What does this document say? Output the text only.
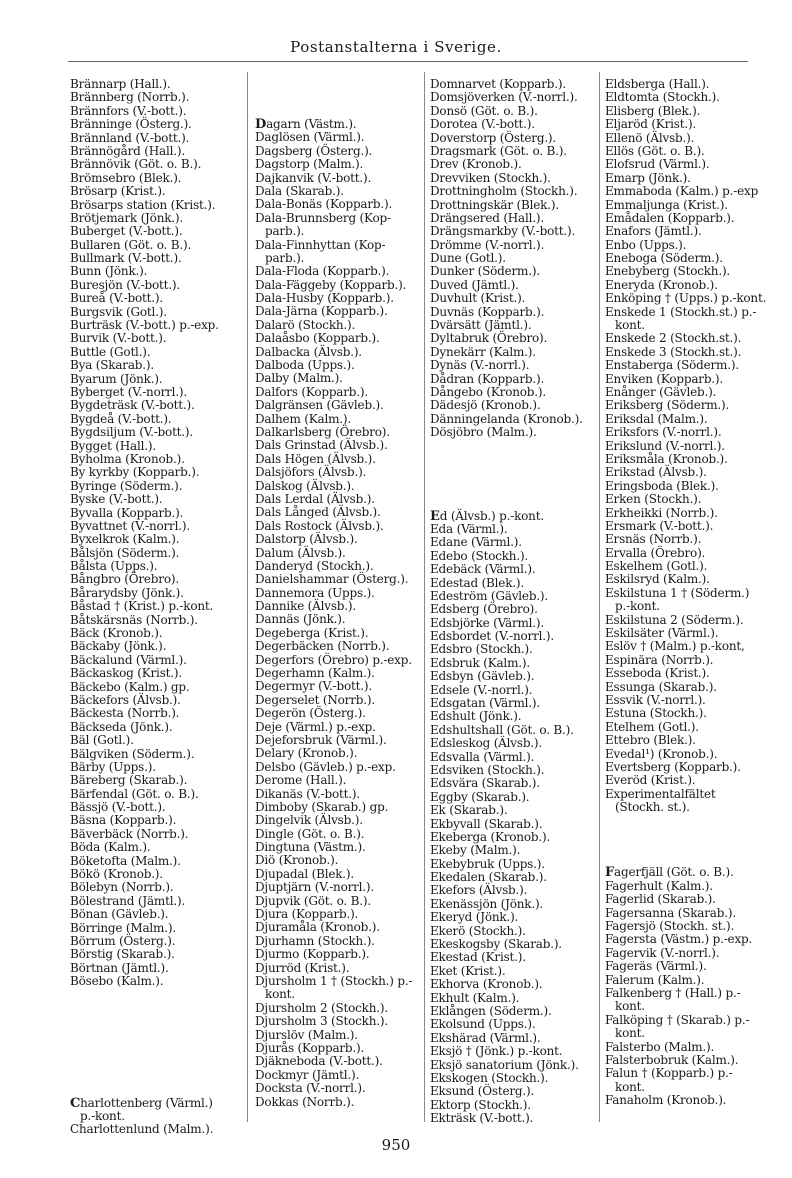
Postanstalterna i Sverige.
Brännarp (Hall.).
Brännberg (Norrb.).
Brännfors (V.-bott.).
Bränninge (Österg.).
Brännland (V.-bott.).
Brännögård (Hall.).
Brännövik (Göt. o. B.).
Brömsebro (Blek.).
Brösarp (Krist.).
Brösarps station (Krist.).
Brötjemark (Jönk.).
Buberget (V.-bott.).
Bullaren (Göt. o. B.).
Bullmark (V.-bott.).
Bunn (Jönk.).
Buresjön (V.-bott.).
Bureå (V.-bott.).
Burgsvik (Gotl.).
Burträsk (V.-bott.) p.-exp.
Burvik (V.-bott.).
Buttle (Gotl.).
Bya (Skarab.).
Byarum (Jönk.).
Byberget (V.-norrl.).
Bygdeträsk (V.-bott.).
Bygdeå (V.-bott.).
Bygdsiljum (V.-bott.).
Bygget (Hall.).
Byholma (Kronob.).
By kyrkby (Kopparb.).
Byringe (Söderm.).
Byske (V.-bott.).
Byvalla (Kopparb.).
Byvattnet (V.-norrl.).
Byxelkrok (Kalm.).
Bålsjön (Söderm.).
Bålsta (Upps.).
Bångbro (Örebro).
Bårarydsby (Jönk.).
Båstad † (Krist.) p.-kont.
Båtskärsnäs (Norrb.).
Bäck (Kronob.).
Bäckaby (Jönk.).
Bäckalund (Värml.).
Bäckaskog (Krist.).
Bäckebo (Kalm.) gp.
Bäckefors (Älvsb.).
Bäckesta (Norrb.).
Bäckseda (Jönk.).
Bäl (Gotl.).
Bälgviken (Söderm.).
Bärby (Upps.).
Bäreberg (Skarab.).
Bärfendal (Göt. o. B.).
Bässjö (V.-bott.).
Bäsna (Kopparb.).
Bäverbäck (Norrb.).
Böda (Kalm.).
Böketofta (Malm.).
Bökö (Kronob.).
Bölebyn (Norrb.).
Bölestrand (Jämtl.).
Bönan (Gävleb.).
Börringe (Malm.).
Börrum (Österg.).
Börstig (Skarab.).
Börtnan (Jämtl.).
Bösebo (Kalm.).
Charlottenberg (Värml.)
p.-kont.
Charlottenlund (Malm.).
Dagarn (Västm.).
Daglösen (Värml.).
Dagsberg (Österg.).
Dagstorp (Malm.).
Dajkanvik (V.-bott.).
Dala (Skarab.).
Dala-Bonäs (Kopparb.).
Dala-Brunnsberg (Kop-
parb.).
Dala-Finnhyttan (Kop-
parb.).
Dala-Floda (Kopparb.).
Dala-Fäggeby (Kopparb.).
Dala-Husby (Kopparb.).
Dala-Järna (Kopparb.).
Dalarö (Stockh.).
Dalaåsbo (Kopparb.).
Dalbacka (Älvsb.).
Dalboda (Upps.).
Dalby (Malm.).
Dalfors (Kopparb.).
Dalgränsen (Gävleb.).
Dalhem (Kalm.).
Dalkarlsberg (Örebro).
Dals Grinstad (Älvsb.).
Dals Högen (Älvsb.).
Dalsjöfors (Älvsb.).
Dalskog (Älvsb.).
Dals Lerdal (Älvsb.).
Dals Långed (Älvsb.).
Dals Rostock (Älvsb.).
Dalstorp (Älvsb.).
Dalum (Älvsb.).
Danderyd (Stockh.).
Danielshammar (Österg.).
Dannemora (Upps.).
Dannike (Älvsb.).
Dannäs (Jönk.).
Degeberga (Krist.).
Degerbäcken (Norrb.).
Degerfors (Örebro) p.-exp.
Degerhamn (Kalm.).
Degermyr (V.-bott.).
Degerselet (Norrb.).
Degerön (Österg.).
Deje (Värml.) p.-exp.
Dejeforsbruk (Värml.).
Delary (Kronob.).
Delsbo (Gävleb.) p.-exp.
Derome (Hall.).
Dikanäs (V.-bott.).
Dimboby (Skarab.) gp.
Dingelvik (Älvsb.).
Dingle (Göt. o. B.).
Dingtuna (Västm.).
Diö (Kronob.).
Djupadal (Blek.).
Djuptjärn (V.-norrl.).
Djupvik (Göt. o. B.).
Djura (Kopparb.).
Djuramåla (Kronob.).
Djurhamn (Stockh.).
Djurmo (Kopparb.).
Djurröd (Krist.).
Djursholm 1 † (Stockh.) p.-
kont.
Djursholm 2 (Stockh.).
Djursholm 3 (Stockh.).
Djurslöv (Malm.).
Djurås (Kopparb.).
Djäkneboda (V.-bott.).
Dockmyr (Jämtl.).
Docksta (V.-norrl.).
Dokkas (Norrb.).
Domnarvet (Kopparb.).
Domsjöverken (V.-norrl.).
Donsö (Göt. o. B.).
Dorotea (V.-bott.).
Doverstorp (Österg.).
Dragsmark (Göt. o. B.).
Drev (Kronob.).
Drevviken (Stockh.).
Drottningholm (Stockh.).
Drottningskär (Blek.).
Drängsered (Hall.).
Drängsmarkby (V.-bott.).
Drömme (V.-norrl.).
Dune (Gotl.).
Dunker (Söderm.).
Duved (Jämtl.).
Duvhult (Krist.).
Duvnäs (Kopparb.).
Dvärsätt (Jämtl.).
Dyltabruk (Örebro).
Dynekärr (Kalm.).
Dynäs (V.-norrl.).
Dådran (Kopparb.).
Dångebo (Kronob.).
Dädesjö (Kronob.).
Dänningelanda (Kronob.).
Dösjöbro (Malm.).
Ed (Älvsb.) p.-kont.
Eda (Värml.).
Edane (Värml.).
Edebo (Stockh.).
Edebäck (Värml.).
Edestad (Blek.).
Edeström (Gävleb.).
Edsberg (Örebro).
Edsbjörke (Värml.).
Edsbordet (V.-norrl.).
Edsbro (Stockh.).
Edsbruk (Kalm.).
Edsbyn (Gävleb.).
Edsele (V.-norrl.).
Edsgatan (Värml.).
Edshult (Jönk.).
Edshultshall (Göt. o. B.).
Edsleskog (Älvsb.).
Edsvalla (Värml.).
Edsviken (Stockh.).
Edsvära (Skarab.).
Eggby (Skarab.).
Ek (Skarab.).
Ekbyvall (Skarab.).
Ekeberga (Kronob.).
Ekeby (Malm.).
Ekebybruk (Upps.).
Ekedalen (Skarab.).
Ekefors (Älvsb.).
Ekenässjön (Jönk.).
Ekeryd (Jönk.).
Ekerö (Stockh.).
Ekeskogsby (Skarab.).
Ekestad (Krist.).
Eket (Krist.).
Ekhorva (Kronob.).
Ekhult (Kalm.).
Eklången (Söderm.).
Ekolsund (Upps.).
Ekshärad (Värml.).
Eksjö † (Jönk.) p.-kont.
Eksjö sanatorium (Jönk.).
Ekskogen (Stockh.).
Eksund (Österg.).
Ektorp (Stockh.).
Ekträsk (V.-bott.).
Eldsberga (Hall.).
Eldtomta (Stockh.).
Elisberg (Blek.).
Eljaröd (Krist.).
Ellenö (Älvsb.).
Ellös (Göt. o. B.).
Elofsrud (Värml.).
Emarp (Jönk.).
Emmaboda (Kalm.) p.-exp
Emmaljunga (Krist.).
Emådalen (Kopparb.).
Enafors (Jämtl.).
Enbo (Upps.).
Eneboga (Söderm.).
Enebyberg (Stockh.).
Eneryda (Kronob.).
Enköping † (Upps.) p.-kont.
Enskede 1 (Stockh.st.) p.-
kont.
Enskede 2 (Stockh.st.).
Enskede 3 (Stockh.st.).
Enstaberga (Söderm.).
Enviken (Kopparb.).
Enånger (Gävleb.).
Eriksberg (Söderm.).
Eriksdal (Malm.).
Eriksfors (V.-norrl.).
Erikslund (V.-norrl.).
Eriksmåla (Kronob.).
Erikstad (Älvsb.).
Eringsboda (Blek.).
Erken (Stockh.).
Erkheikki (Norrb.).
Ersmark (V.-bott.).
Ersnäs (Norrb.).
Ervalla (Örebro).
Eskelhem (Gotl.).
Eskilsryd (Kalm.).
Eskilstuna 1 † (Söderm.)
p.-kont.
Eskilstuna 2 (Söderm.).
Eskilsäter (Värml.).
Eslöv † (Malm.) p.-kont,
Espinära (Norrb.).
Esseboda (Krist.).
Essunga (Skarab.).
Essvik (V.-norrl.).
Estuna (Stockh.).
Etelhem (Gotl.).
Ettebro (Blek.).
Evedal¹) (Kronob.).
Evertsberg (Kopparb.).
Everöd (Krist.).
Experimentalfältet
(Stockh. st.).
Fagerfjäll (Göt. o. B.).
Fagerhult (Kalm.).
Fagerlid (Skarab.).
Fagersanna (Skarab.).
Fagersjö (Stockh. st.).
Fagersta (Västm.) p.-exp.
Fagervik (V.-norrl.).
Fageräs (Värml.).
Falerum (Kalm.).
Falkenberg † (Hall.) p.-
kont.
Falköping † (Skarab.) p.-
kont.
Falsterbo (Malm.).
Falsterbobruk (Kalm.).
Falun † (Kopparb.) p.-
kont.
Fanaholm (Kronob.).
950
